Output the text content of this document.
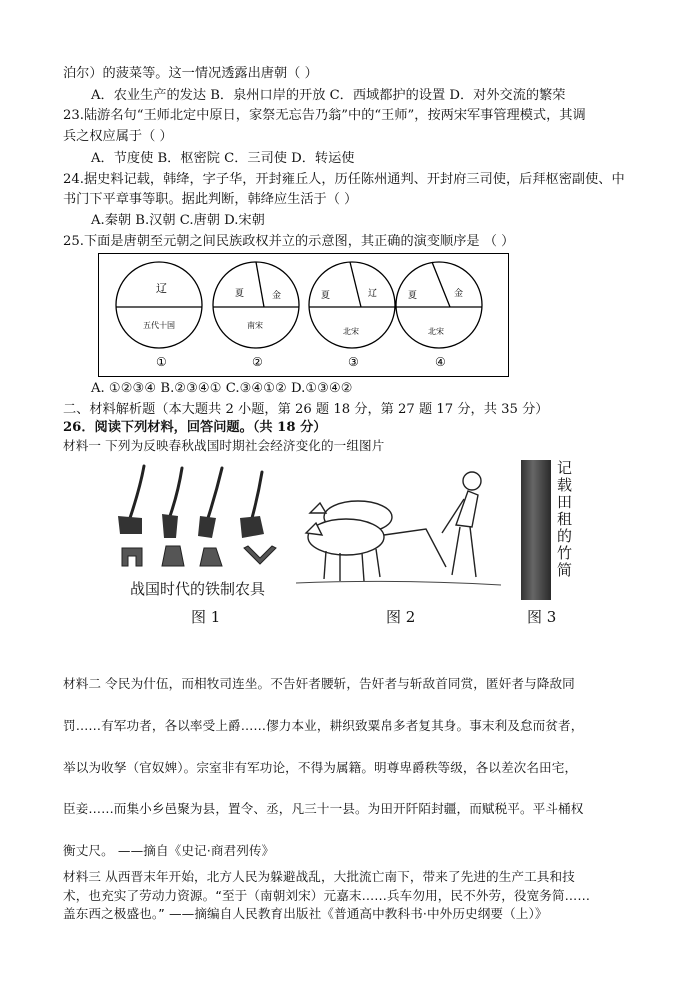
泊尔）的菠菜等。这一情况透露出唐朝（ ）
A．农业生产的发达 B．泉州口岸的开放 C．西域都护的设置 D．对外交流的繁荣
23.陆游名句“王师北定中原日，家祭无忘告乃翁”中的“王师”，按两宋军事管理模式，其调
兵之权应属于（ ）
A．节度使 B．枢密院 C．三司使 D．转运使
24.据史料记载，韩绛，字子华，开封雍丘人，历任陈州通判、开封府三司使，后拜枢密副使、中
书门下平章事等职。据此判断，韩绛应生活于（ ）
A.秦朝 B.汉朝 C.唐朝 D.宋朝
25.下面是唐朝至元朝之间民族政权并立的示意图，其正确的演变顺序是 （ ）
辽
五代十国
①
夏	金
南宋
②
夏	辽
北宋
③
夏	金
北宋
④
A. ①②③④ B.②③④① C.③④①② D.①③④②
二、材料解析题（本大题共 2 小题，第 26 题 18 分，第 27 题 17 分，共 35 分）
26．阅读下列材料，回答问题。（共 18 分）
材料一 下列为反映春秋战国时期社会经济变化的一组图片
战国时代的铁制农具
记载田租的竹简
图 1	图 2	图 3
材料二 令民为什伍，而相牧司连坐。不告奸者腰斩，告奸者与斩敌首同赏，匿奸者与降敌同
罚……有军功者，各以率受上爵……僇力本业，耕织致粟帛多者复其身。事末利及怠而贫者，
举以为收孥（官奴婢）。宗室非有军功论，不得为属籍。明尊卑爵秩等级，各以差次名田宅，
臣妾……而集小乡邑聚为县，置令、丞，凡三十一县。为田开阡陌封疆，而赋税平。平斗桶权
衡丈尺。 ——摘自《史记·商君列传》
材料三 从西晋末年开始，北方人民为躲避战乱，大批流亡南下，带来了先进的生产工具和技
术，也充实了劳动力资源。“至于（南朝刘宋）元嘉末……兵车勿用，民不外劳，役宽务简……
盖东西之极盛也。” ——摘编自人民教育出版社《普通高中教科书·中外历史纲要（上）》
